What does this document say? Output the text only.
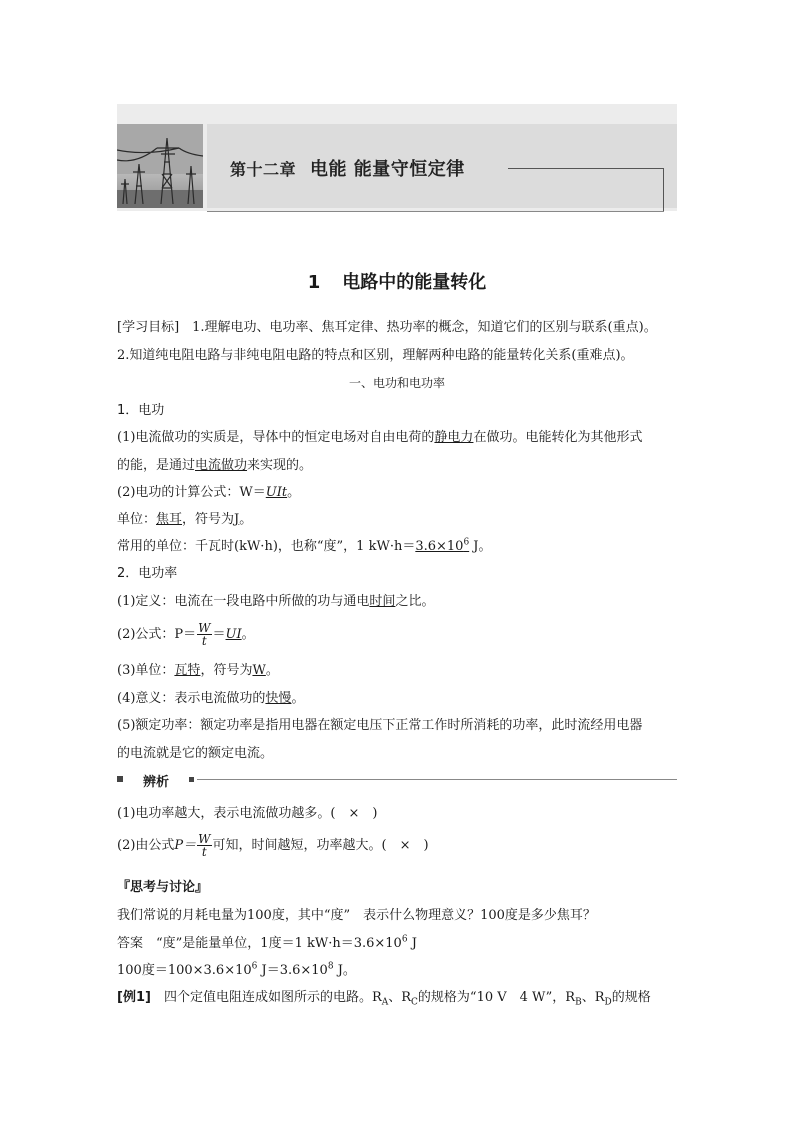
第十二章 电能 能量守恒定律
1 电路中的能量转化
[学习目标]　1.理解电功、电功率、焦耳定律、热功率的概念，知道它们的区别与联系(重点)。
2.知道纯电阻电路与非纯电阻电路的特点和区别，理解两种电路的能量转化关系(重难点)。
一、电功和电功率
1．电功
(1)电流做功的实质是，导体中的恒定电场对自由电荷的静电力在做功。电能转化为其他形式
的能，是通过电流做功来实现的。
(2)电功的计算公式：W＝UIt。
单位：焦耳，符号为J。
常用的单位：千瓦时(kW·h)，也称“度”，1 $kW\cdot h=3.6\times 10^6$ J。
2．电功率
(1)定义：电流在一段电路中所做的功与通电时间之比。
(2)公式：$P= \frac{W}{t} =UI$。
(3)单位：瓦特，符号为W。
(4)意义：表示电流做功的快慢。
(5)额定功率：额定功率是指用电器在额定电压下正常工作时所消耗的功率，此时流经用电器
的电流就是它的额定电流。
辨析
(1)电功率越大，表示电流做功越多。(　×　)
(2)由公式$P= \frac{W}{t}$ 可知，时间越短，功率越大。(　×　)
『思考与讨论』
我们常说的月耗电量为100度，其中“度”　表示什么物理意义？100度是多少焦耳？
答案　“度”是能量单位，1度＝1 $kW\cdot h=3.6\times 10^6$ J
100度$=100\times 3.6\times 10^6$ $J=3.6\times 10^8$ J。
[例1]　四个定值电阻连成如图所示的电路。$R_A$、$R_C$的规格为“10 V　4 W”，$R_B$、$R_D$的规格
